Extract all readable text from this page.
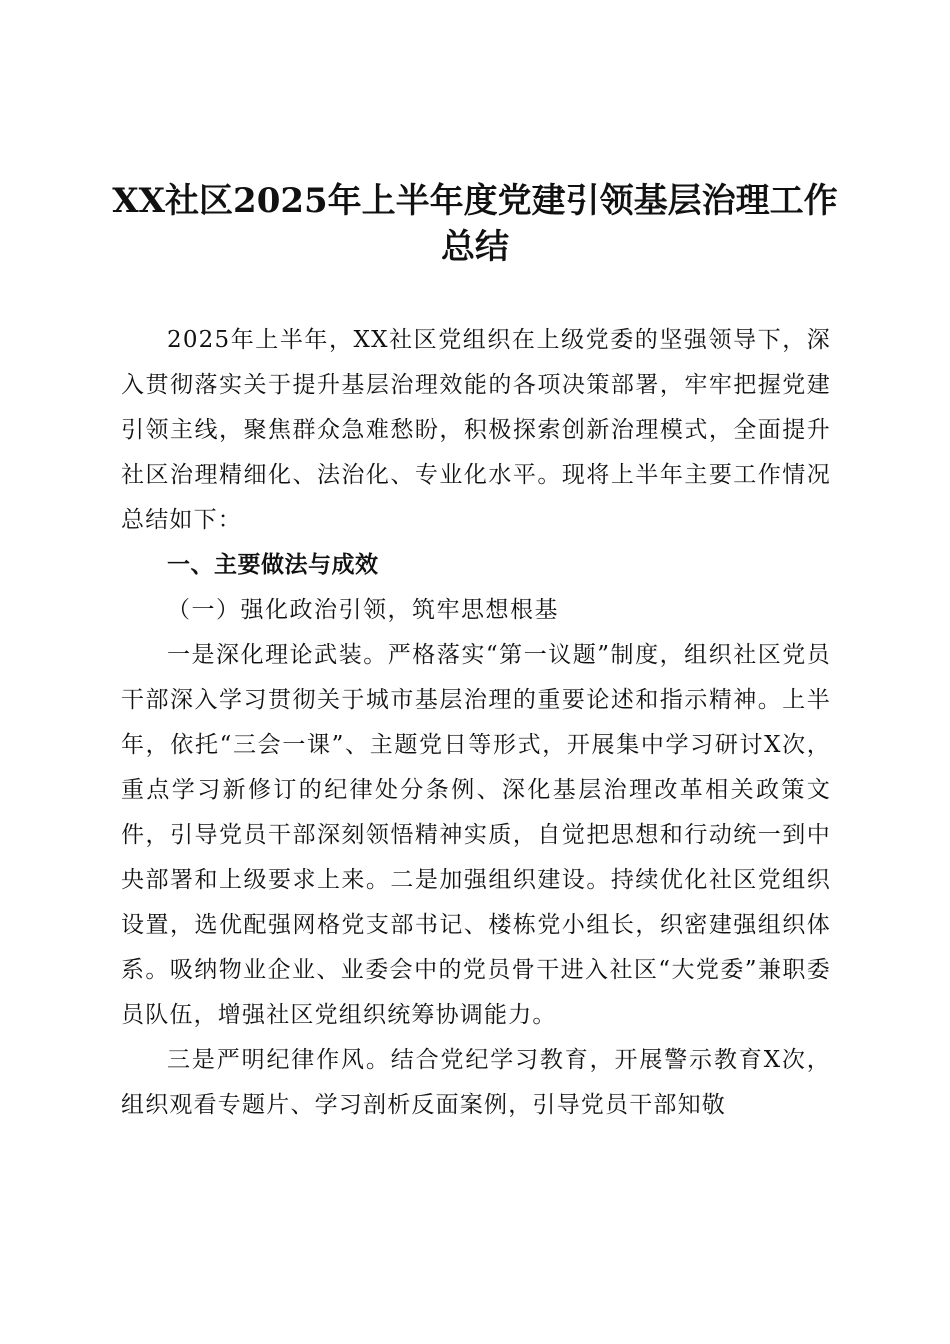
XX社区2025年上半年度党建引领基层治理工作总结

2025年上半年，XX社区党组织在上级党委的坚强领导下，深入贯彻落实关于提升基层治理效能的各项决策部署，牢牢把握党建引领主线，聚焦群众急难愁盼，积极探索创新治理模式，全面提升社区治理精细化、法治化、专业化水平。现将上半年主要工作情况总结如下：

一、主要做法与成效

（一）强化政治引领，筑牢思想根基

一是深化理论武装。严格落实“第一议题”制度，组织社区党员干部深入学习贯彻关于城市基层治理的重要论述和指示精神。上半年，依托“三会一课”、主题党日等形式，开展集中学习研讨X次，重点学习新修订的纪律处分条例、深化基层治理改革相关政策文件，引导党员干部深刻领悟精神实质，自觉把思想和行动统一到中央部署和上级要求上来。二是加强组织建设。持续优化社区党组织设置，选优配强网格党支部书记、楼栋党小组长，织密建强组织体系。吸纳物业企业、业委会中的党员骨干进入社区“大党委”兼职委员队伍，增强社区党组织统筹协调能力。

三是严明纪律作风。结合党纪学习教育，开展警示教育X次，组织观看专题片、学习剖析反面案例，引导党员干部知敬
